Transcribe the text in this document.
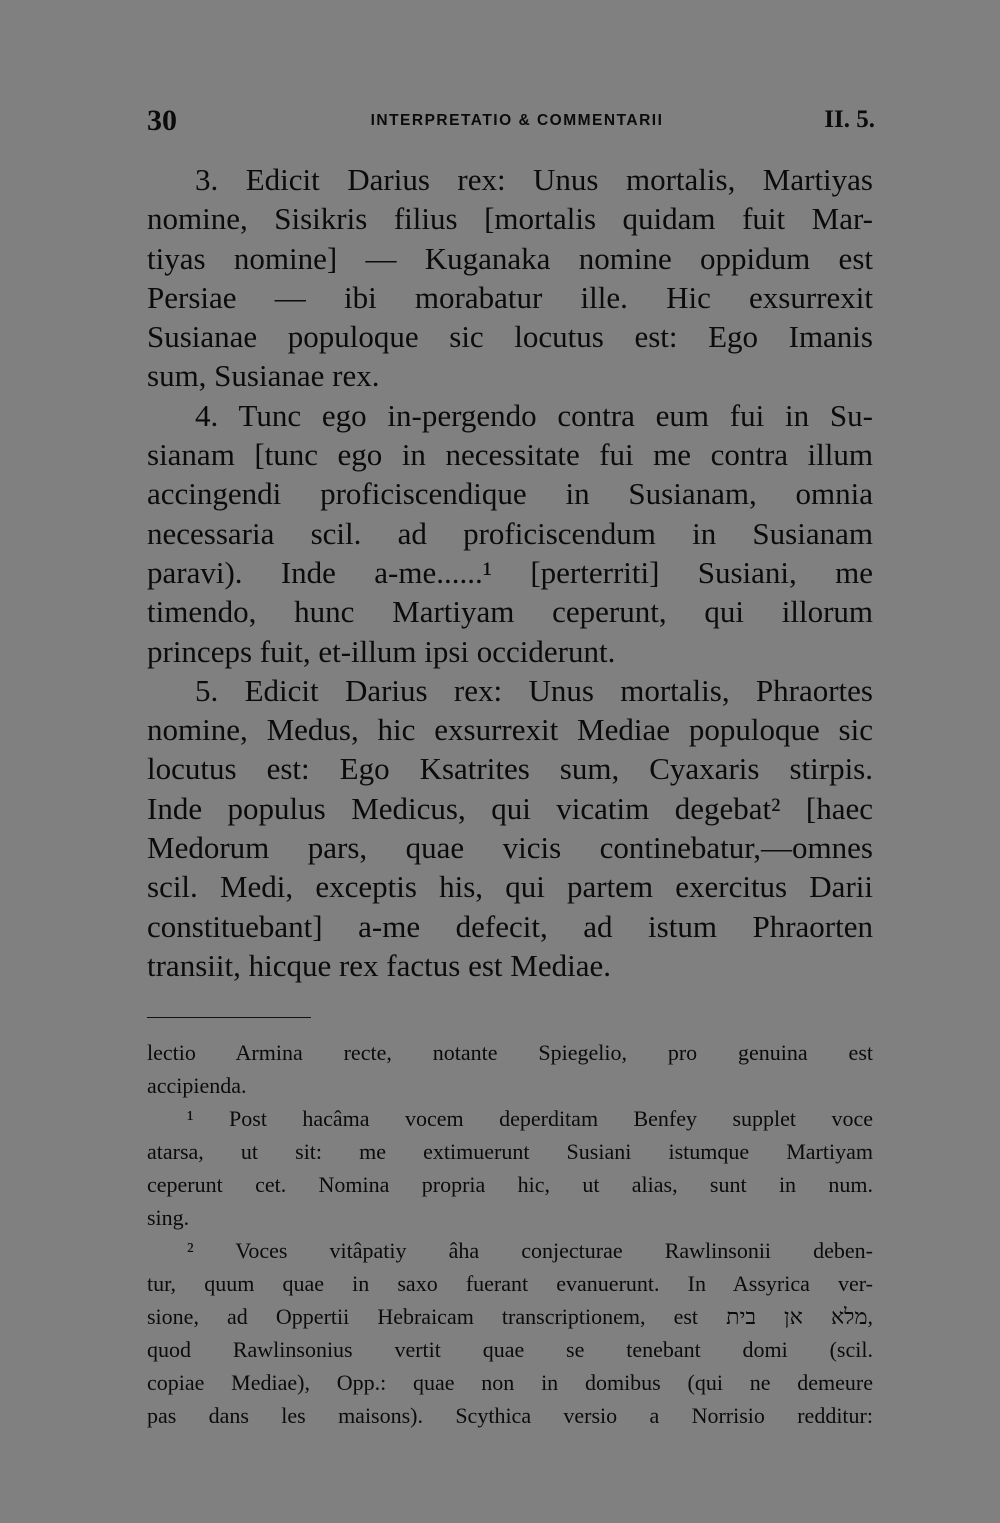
30	INTERPRETATIO & COMMENTARII	II. 5.
3. Edicit Darius rex: Unus mortalis, Martiyas
nomine, Sisikris filius [mortalis quidam fuit Mar-
tiyas nomine] — Kuganaka nomine oppidum est
Persiae — ibi morabatur ille. Hic exsurrexit
Susianae populoque sic locutus est: Ego Imanis
sum, Susianae rex.
4. Tunc ego in-pergendo contra eum fui in Su-
sianam [tunc ego in necessitate fui me contra illum
accingendi proficiscendique in Susianam, omnia
necessaria scil. ad proficiscendum in Susianam
paravi). Inde a-me......¹ [perterriti] Susiani, me
timendo, hunc Martiyam ceperunt, qui illorum
princeps fuit, et-illum ipsi occiderunt.
5. Edicit Darius rex: Unus mortalis, Phraortes
nomine, Medus, hic exsurrexit Mediae populoque sic
locutus est: Ego Ksatrites sum, Cyaxaris stirpis.
Inde populus Medicus, qui vicatim degebat² [haec
Medorum pars, quae vicis continebatur,—omnes
scil. Medi, exceptis his, qui partem exercitus Darii
constituebant] a-me defecit, ad istum Phraorten
transiit, hicque rex factus est Mediae.
lectio Armina recte, notante Spiegelio, pro genuina est
accipienda.
¹ Post hacâma vocem deperditam Benfey supplet voce
atarsa, ut sit: me extimuerunt Susiani istumque Martiyam
ceperunt cet. Nomina propria hic, ut alias, sunt in num.
sing.
² Voces vitâpatiy âha conjecturae Rawlinsonii deben-
tur, quum quae in saxo fuerant evanuerunt. In Assyrica ver-
sione, ad Oppertii Hebraicam transcriptionem, est מלא אן בית,
quod Rawlinsonius vertit quae se tenebant domi (scil.
copiae Mediae), Opp.: quae non in domibus (qui ne demeure
pas dans les maisons). Scythica versio a Norrisio redditur:
